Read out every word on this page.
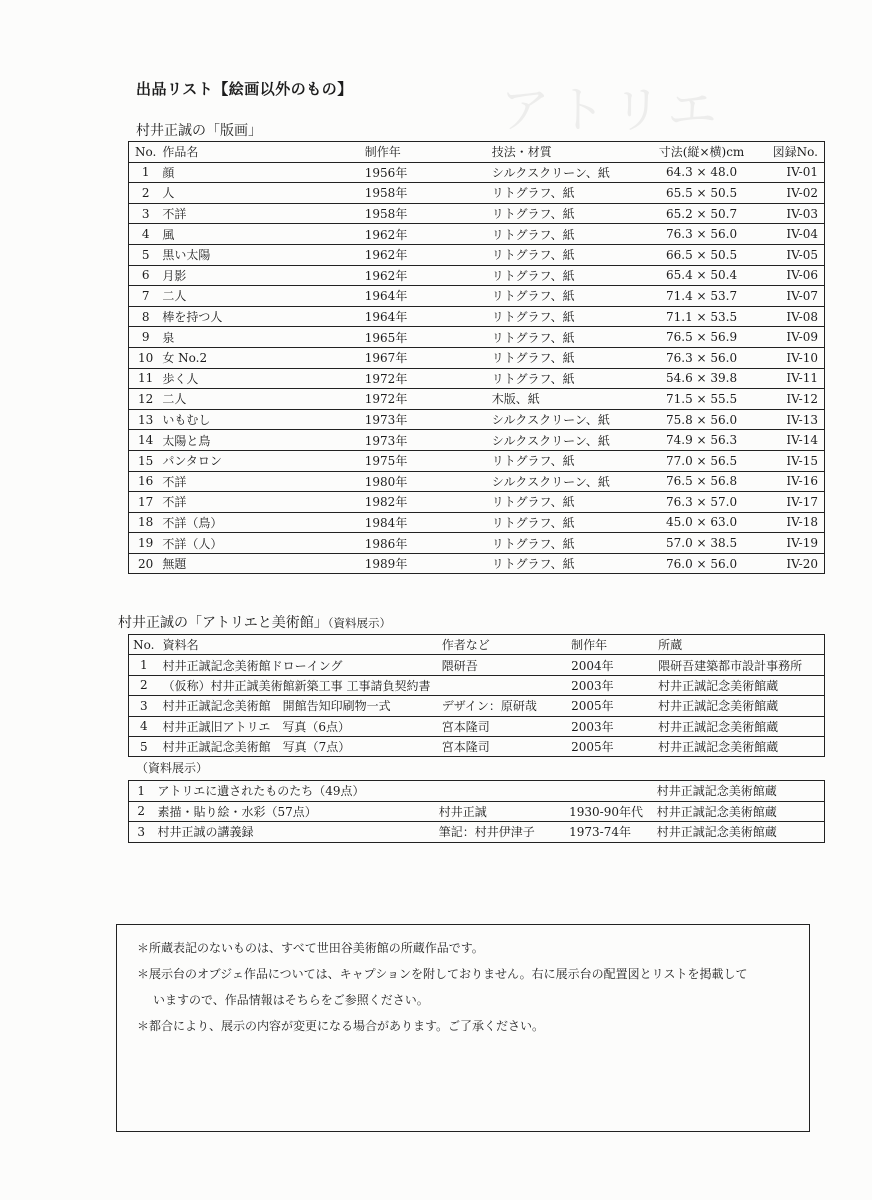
アトリエ
出品リスト【絵画以外のもの】
村井正誠の「版画」
No.	作品名	制作年	技法・材質	寸法(縦×横)cm	図録No.
1	顔	1956年	シルクスクリーン、紙	64.3 × 48.0	IV-01
2	人	1958年	リトグラフ、紙	65.5 × 50.5	IV-02
3	不詳	1958年	リトグラフ、紙	65.2 × 50.7	IV-03
4	風	1962年	リトグラフ、紙	76.3 × 56.0	IV-04
5	黒い太陽	1962年	リトグラフ、紙	66.5 × 50.5	IV-05
6	月影	1962年	リトグラフ、紙	65.4 × 50.4	IV-06
7	二人	1964年	リトグラフ、紙	71.4 × 53.7	IV-07
8	棒を持つ人	1964年	リトグラフ、紙	71.1 × 53.5	IV-08
9	泉	1965年	リトグラフ、紙	76.5 × 56.9	IV-09
10	女 No.2	1967年	リトグラフ、紙	76.3 × 56.0	IV-10
11	歩く人	1972年	リトグラフ、紙	54.6 × 39.8	IV-11
12	二人	1972年	木版、紙	71.5 × 55.5	IV-12
13	いもむし	1973年	シルクスクリーン、紙	75.8 × 56.0	IV-13
14	太陽と鳥	1973年	シルクスクリーン、紙	74.9 × 56.3	IV-14
15	パンタロン	1975年	リトグラフ、紙	77.0 × 56.5	IV-15
16	不詳	1980年	シルクスクリーン、紙	76.5 × 56.8	IV-16
17	不詳	1982年	リトグラフ、紙	76.3 × 57.0	IV-17
18	不詳（鳥）	1984年	リトグラフ、紙	45.0 × 63.0	IV-18
19	不詳（人）	1986年	リトグラフ、紙	57.0 × 38.5	IV-19
20	無題	1989年	リトグラフ、紙	76.0 × 56.0	IV-20
村井正誠の「アトリエと美術館」（資料展示）
No.	資料名	作者など	制作年	所蔵
1	村井正誠記念美術館ドローイング	隈研吾	2004年	隈研吾建築都市設計事務所
2	（仮称）村井正誠美術館新築工事 工事請負契約書		2003年	村井正誠記念美術館蔵
3	村井正誠記念美術館　開館告知印刷物一式	デザイン：原研哉	2005年	村井正誠記念美術館蔵
4	村井正誠旧アトリエ　写真（6点）	宮本隆司	2003年	村井正誠記念美術館蔵
5	村井正誠記念美術館　写真（7点）	宮本隆司	2005年	村井正誠記念美術館蔵
（資料展示）
1	アトリエに遺されたものたち（49点）			村井正誠記念美術館蔵
2	素描・貼り絵・水彩（57点）	村井正誠	1930-90年代	村井正誠記念美術館蔵
3	村井正誠の講義録	筆記：村井伊津子	1973-74年	村井正誠記念美術館蔵

＊所蔵表記のないものは、すべて世田谷美術館の所蔵作品です。

＊展示台のオブジェ作品については、キャプションを附しておりません。右に展示台の配置図とリストを掲載して

いますので、作品情報はそちらをご参照ください。

＊都合により、展示の内容が変更になる場合があります。ご了承ください。
